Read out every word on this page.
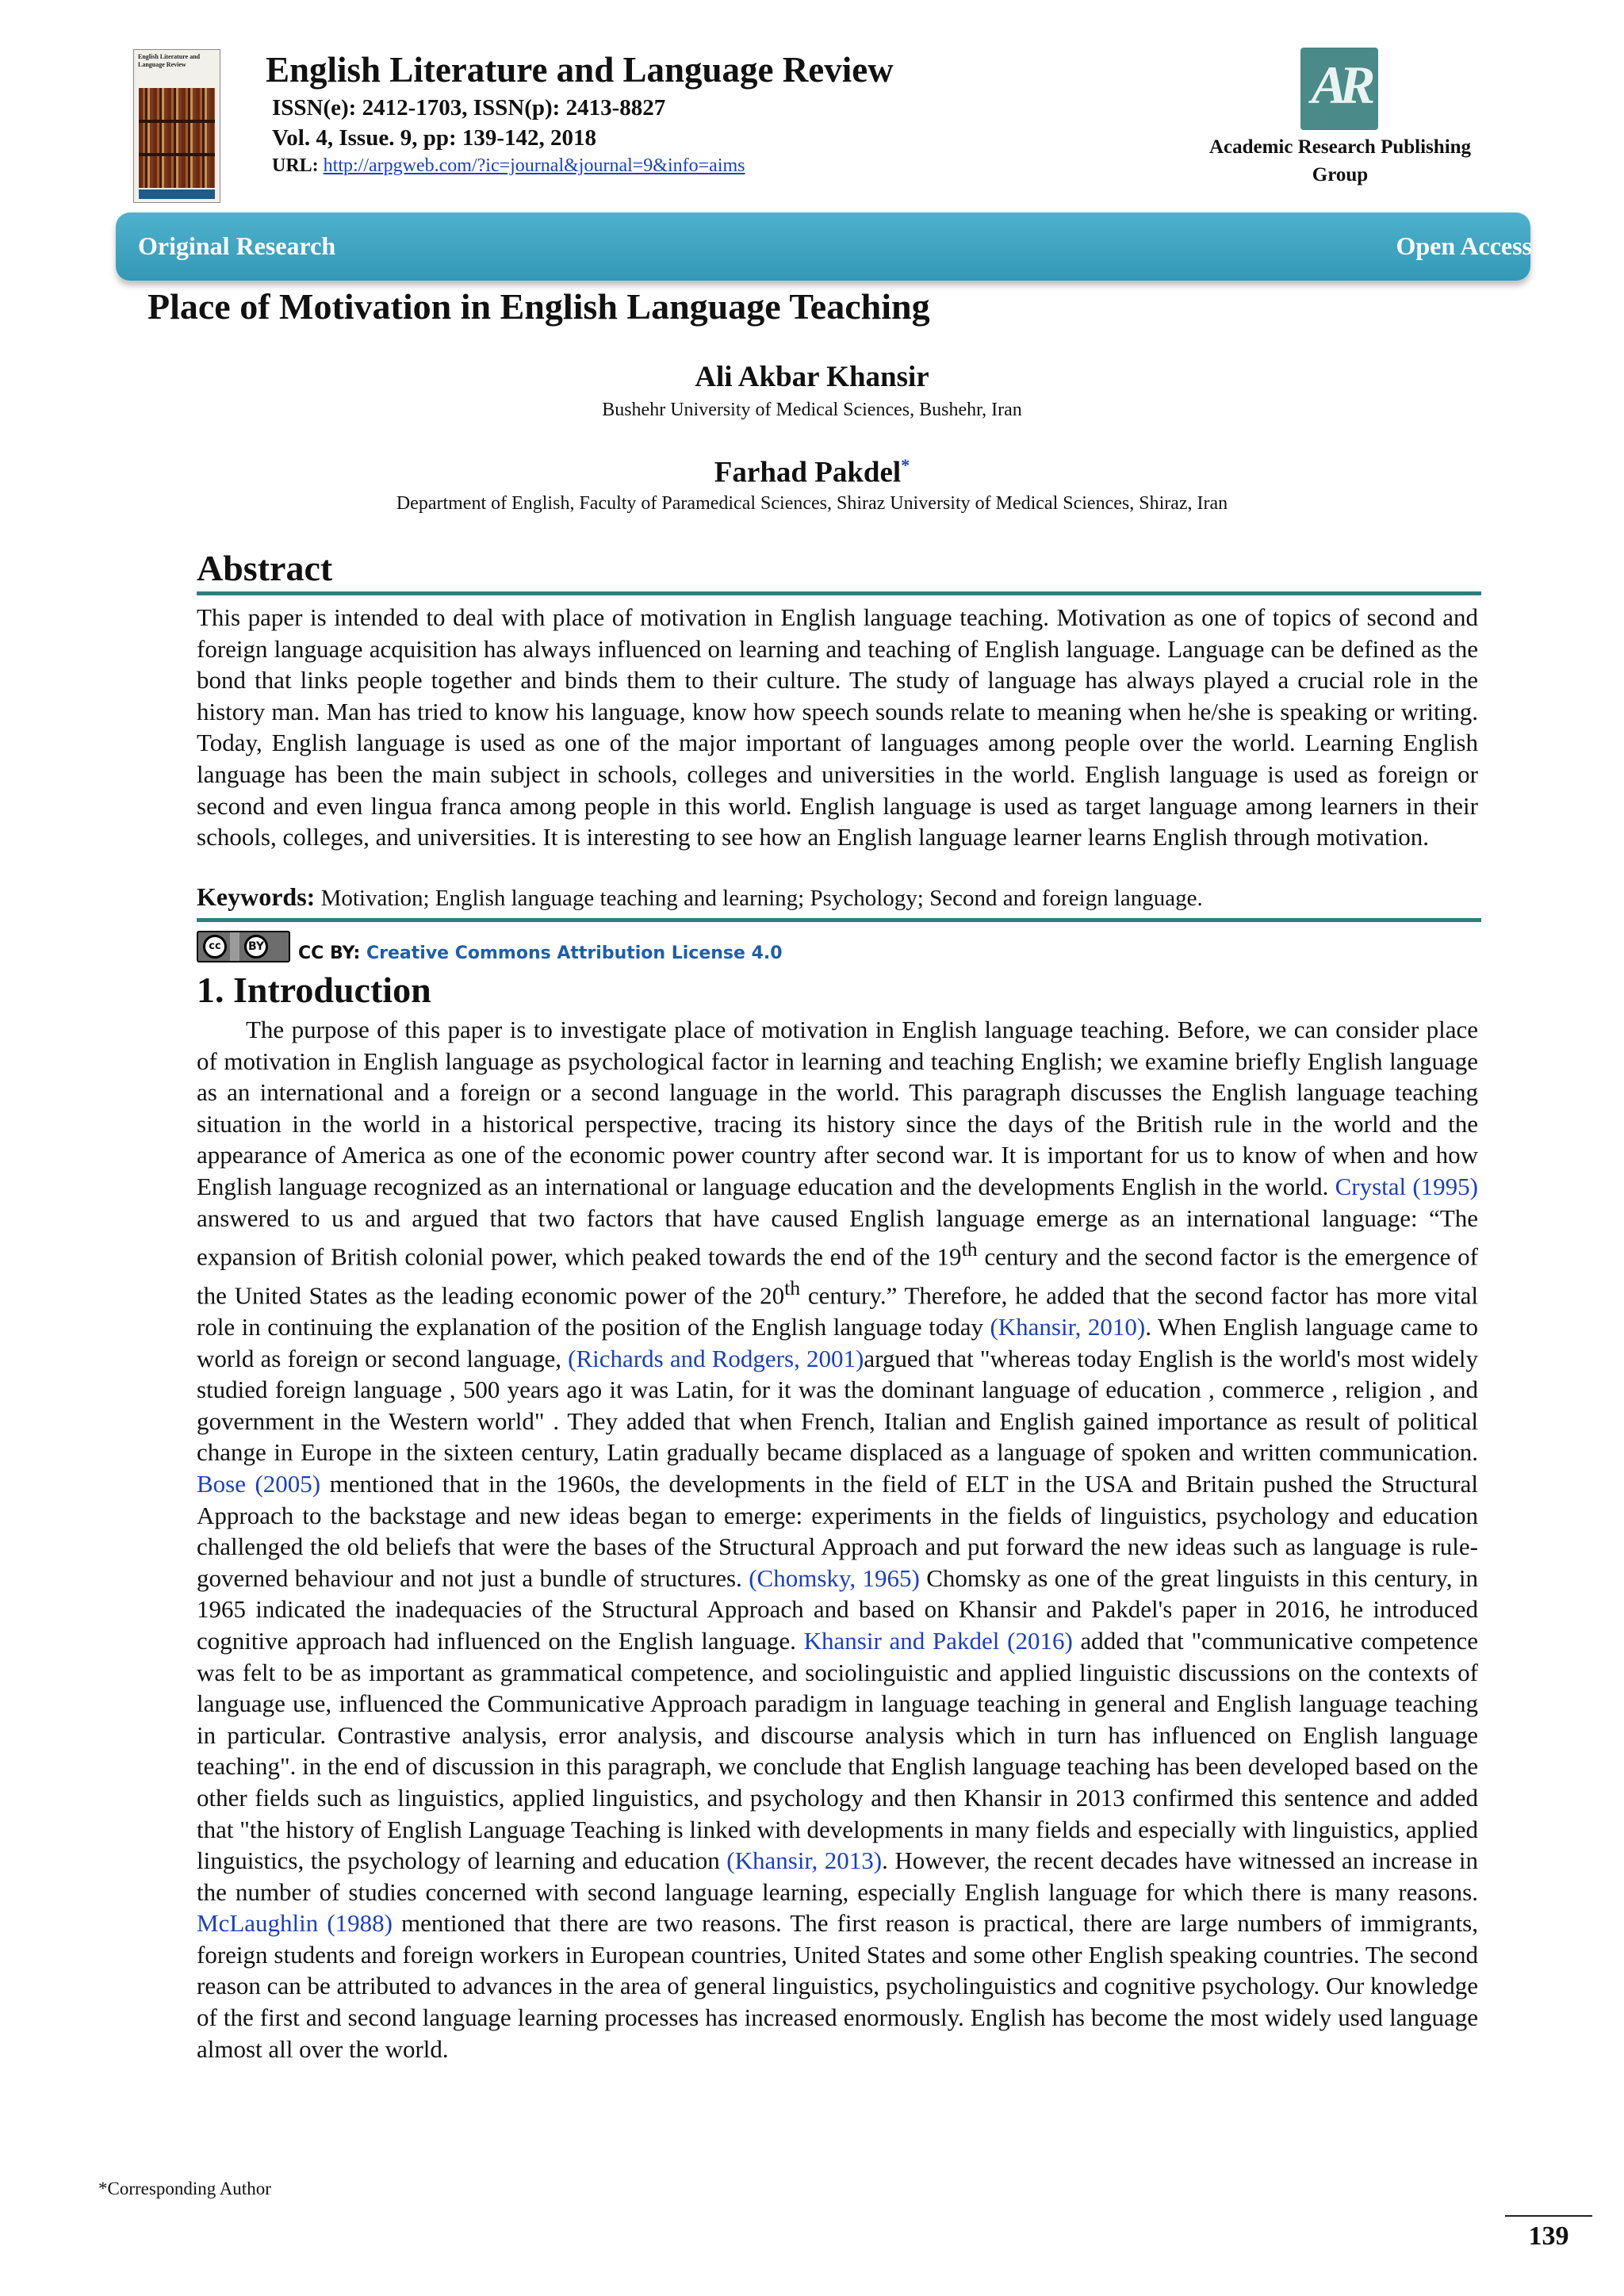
English Literature and Language Review	English Literature and Language Review
ISSN(e): 2412-1703, ISSN(p): 2413-8827
Vol. 4, Issue. 9, pp: 139-142, 2018
URL: http://arpgweb.com/?ic=journal&journal=9&info=aims
AR
Academic Research Publishing Group
Original Research	Open Access
Place of Motivation in English Language Teaching
Ali Akbar Khansir
Bushehr University of Medical Sciences, Bushehr, Iran
Farhad Pakdel*
Department of English, Faculty of Paramedical Sciences, Shiraz University of Medical Sciences, Shiraz, Iran
Abstract
This paper is intended to deal with place of motivation in English language teaching. Motivation as one of topics of second and foreign language acquisition has always influenced on learning and teaching of English language. Language can be defined as the bond that links people together and binds them to their culture. The study of language has always played a crucial role in the history man. Man has tried to know his language, know how speech sounds relate to meaning when he/she is speaking or writing. Today, English language is used as one of the major important of languages among people over the world. Learning English language has been the main subject in schools, colleges and universities in the world. English language is used as foreign or second and even lingua franca among people in this world. English language is used as target language among learners in their schools, colleges, and universities. It is interesting to see how an English language learner learns English through motivation.
Keywords: Motivation; English language teaching and learning; Psychology; Second and foreign language.
cc	BY CC BY: Creative Commons Attribution License 4.0
1. Introduction
The purpose of this paper is to investigate place of motivation in English language teaching. Before, we can consider place of motivation in English language as psychological factor in learning and teaching English; we examine briefly English language as an international and a foreign or a second language in the world. This paragraph discusses the English language teaching situation in the world in a historical perspective, tracing its history since the days of the British rule in the world and the appearance of America as one of the economic power country after second war. It is important for us to know of when and how English language recognized as an international or language education and the developments English in the world. Crystal (1995) answered to us and argued that two factors that have caused English language emerge as an international language: “The expansion of British colonial power, which peaked towards the end of the 19th century and the second factor is the emergence of the United States as the leading economic power of the 20th century.” Therefore, he added that the second factor has more vital role in continuing the explanation of the position of the English language today (Khansir, 2010). When English language came to world as foreign or second language, (Richards and Rodgers, 2001)argued that "whereas today English is the world's most widely studied foreign language , 500 years ago it was Latin, for it was the dominant language of education , commerce , religion , and government in the Western world" . They added that when French, Italian and English gained importance as result of political change in Europe in the sixteen century, Latin gradually became displaced as a language of spoken and written communication. Bose (2005) mentioned that in the 1960s, the developments in the field of ELT in the USA and Britain pushed the Structural Approach to the backstage and new ideas began to emerge: experiments in the fields of linguistics, psychology and education challenged the old beliefs that were the bases of the Structural Approach and put forward the new ideas such as language is rule-governed behaviour and not just a bundle of structures. (Chomsky, 1965) Chomsky as one of the great linguists in this century, in 1965 indicated the inadequacies of the Structural Approach and based on Khansir and Pakdel's paper in 2016, he introduced cognitive approach had influenced on the English language. Khansir and Pakdel (2016) added that "communicative competence was felt to be as important as grammatical competence, and sociolinguistic and applied linguistic discussions on the contexts of language use, influenced the Communicative Approach paradigm in language teaching in general and English language teaching in particular. Contrastive analysis, error analysis, and discourse analysis which in turn has influenced on English language teaching". in the end of discussion in this paragraph, we conclude that English language teaching has been developed based on the other fields such as linguistics, applied linguistics, and psychology and then Khansir in 2013 confirmed this sentence and added that "the history of English Language Teaching is linked with developments in many fields and especially with linguistics, applied linguistics, the psychology of learning and education (Khansir, 2013). However, the recent decades have witnessed an increase in the number of studies concerned with second language learning, especially English language for which there is many reasons. McLaughlin (1988) mentioned that there are two reasons. The first reason is practical, there are large numbers of immigrants, foreign students and foreign workers in European countries, United States and some other English speaking countries. The second reason can be attributed to advances in the area of general linguistics, psycholinguistics and cognitive psychology. Our knowledge of the first and second language learning processes has increased enormously. English has become the most widely used language almost all over the world.
*Corresponding Author
139
